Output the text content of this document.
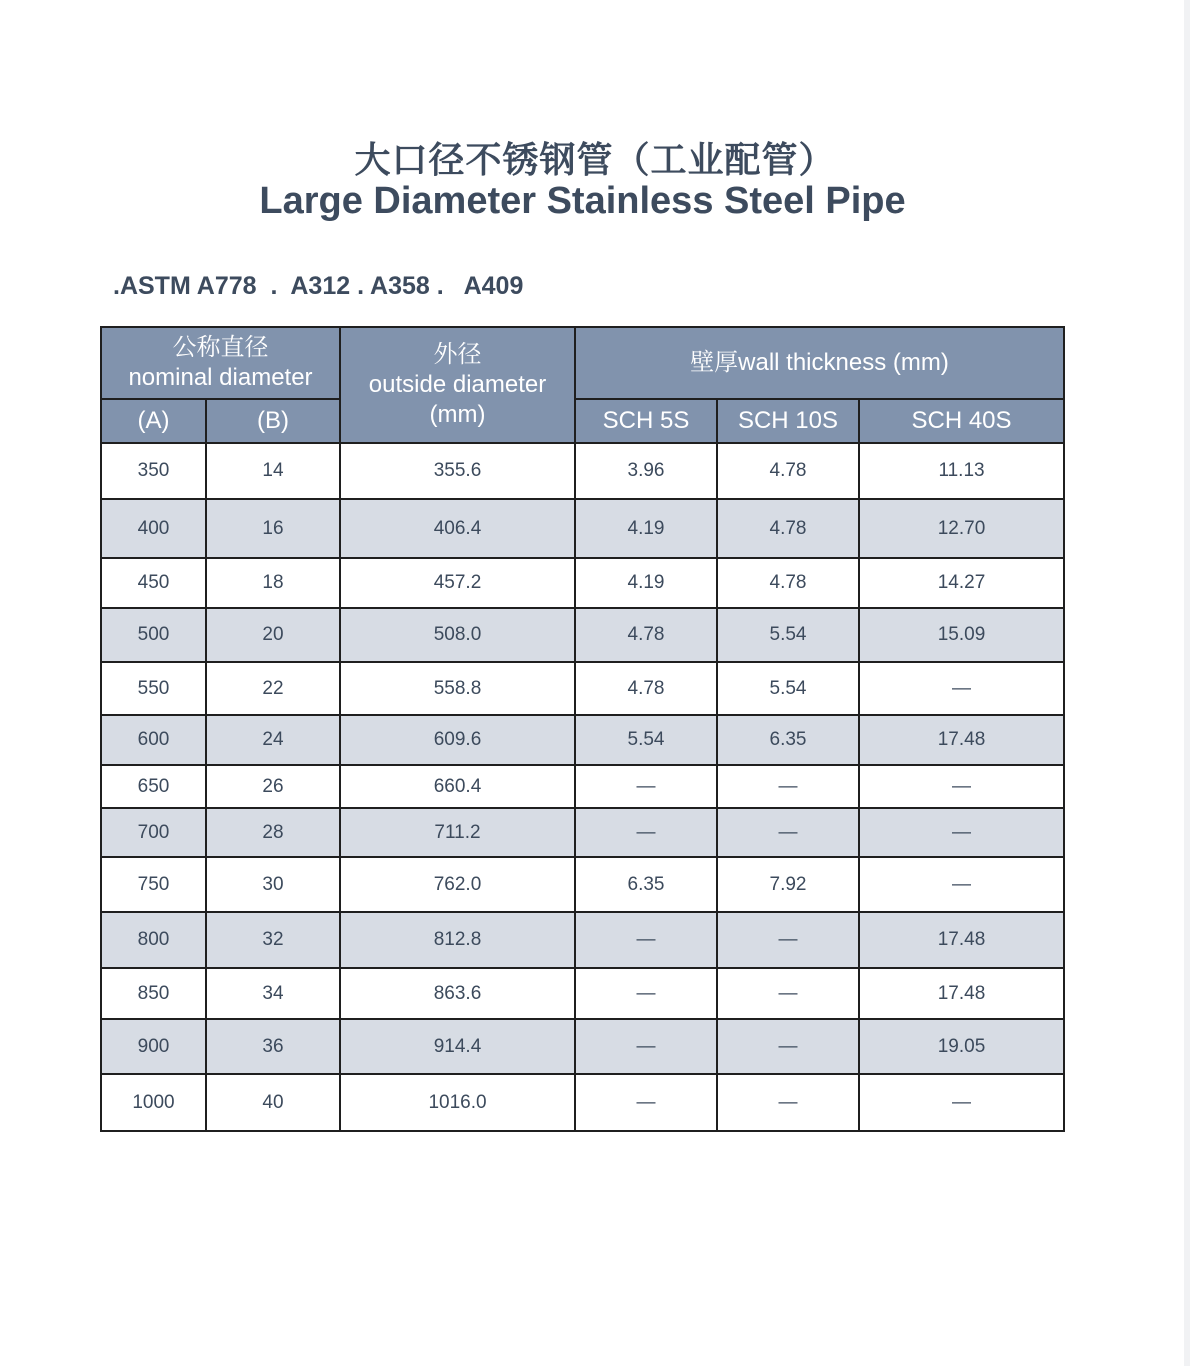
大口径不锈钢管（工业配管）
Large Diameter Stainless Steel Pipe
.ASTM A778  .  A312 . A358 .   A409
公称直径
nominal diameter		外径
outside diameter
(mm)	壁厚wall thickness (mm)		
(A)	(B)		SCH 5S	SCH 10S	SCH 40S
350	14	355.6	3.96	4.78	11.13
400	16	406.4	4.19	4.78	12.70
450	18	457.2	4.19	4.78	14.27
500	20	508.0	4.78	5.54	15.09
550	22	558.8	4.78	5.54	—
600	24	609.6	5.54	6.35	17.48
650	26	660.4	—	—	—
700	28	711.2	—	—	—
750	30	762.0	6.35	7.92	—
800	32	812.8	—	—	17.48
850	34	863.6	—	—	17.48
900	36	914.4	—	—	19.05
1000	40	1016.0	—	—	—
